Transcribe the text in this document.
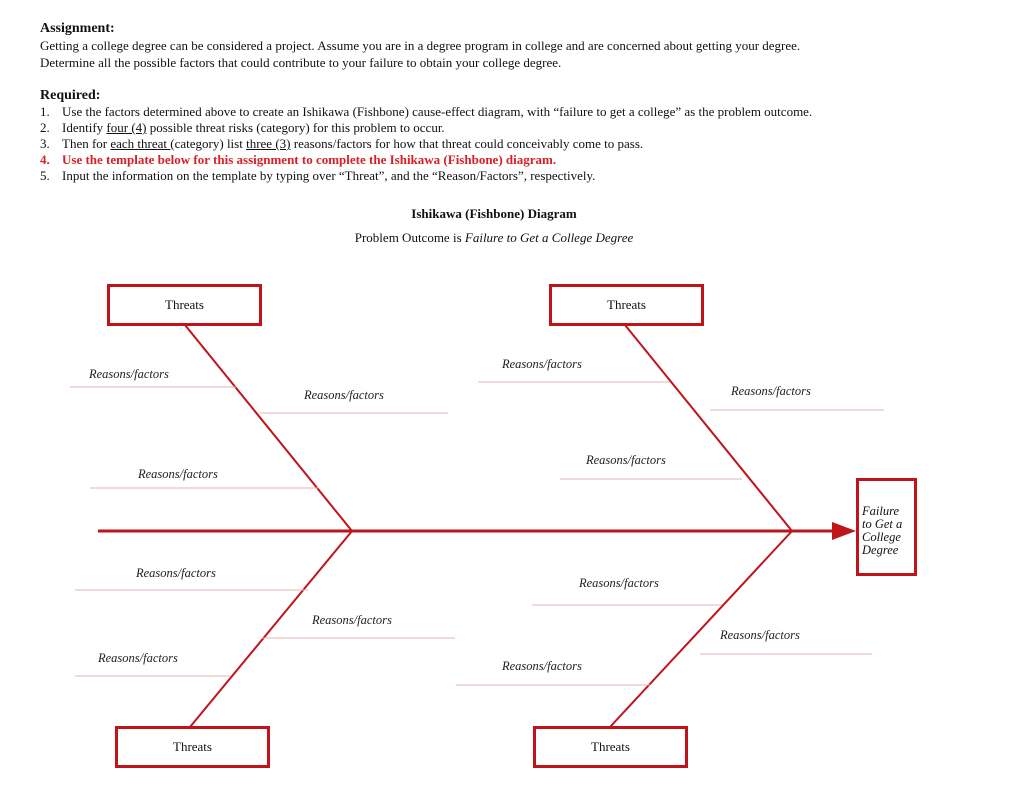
Assignment:

Getting a college degree can be considered a project. Assume you are in a degree program in college and are concerned about getting your degree.

Determine all the possible factors that could contribute to your failure to obtain your college degree.

Required:
1. Use the factors determined above to create an Ishikawa (Fishbone) cause-effect diagram, with “failure to get a college” as the problem outcome.
2. Identify four (4) possible threat risks (category) for this problem to occur.
3. Then for each threat (category) list three (3) reasons/factors for how that threat could conceivably come to pass.
4. Use the template below for this assignment to complete the Ishikawa (Fishbone) diagram.
5. Input the information on the template by typing over “Threat”, and the “Reason/Factors”, respectively.
Ishikawa (Fishbone) Diagram
Problem Outcome is Failure to Get a College Degree
Threats	Threats
Threats	Threats
Reasons/factors
Reasons/factors
Reasons/factors
Reasons/factors
Reasons/factors
Reasons/factors
Reasons/factors
Reasons/factors
Reasons/factors
Reasons/factors
Reasons/factors
Reasons/factors
Failure
to Get a
College
Degree
